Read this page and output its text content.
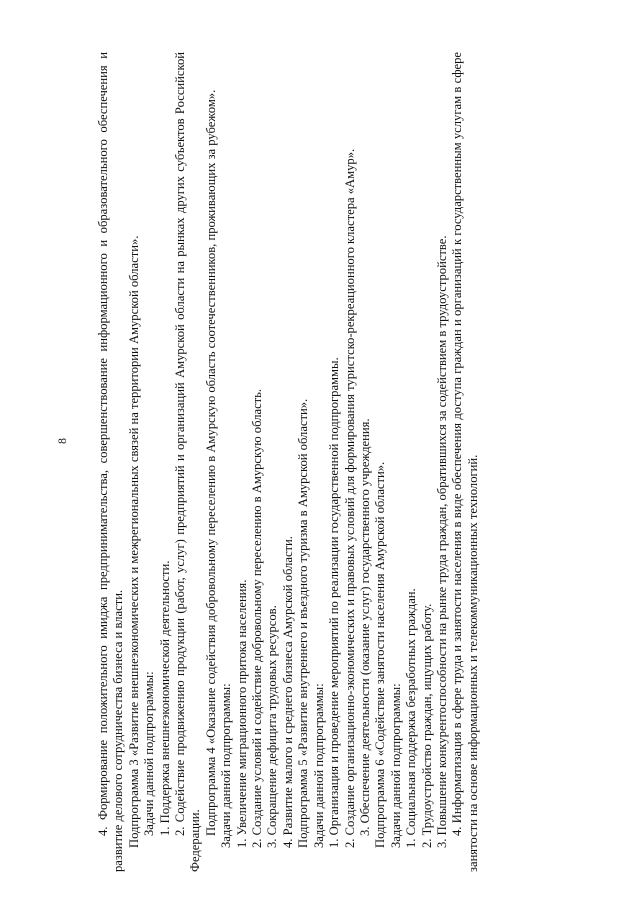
8 4. Формирование положительного имиджа предпринимательства, совершенствование информационного и образовательного обеспечения и развитие делового сотрудничества бизнеса и власти. Подпрограмма 3 «Развитие внешнеэкономических и межрегиональных связей на территории Амурской области». Задачи данной подпрограммы: 1. Поддержка внешнеэкономической деятельности. 2. Содействие продвижению продукции (работ, услуг) предприятий и организаций Амурской области на рынках других субъектов Российской Федерации.

Подпрограмма 4 «Оказание содействия добровольному переселению в Амурскую область соотечественников, проживающих за рубежом». Задачи данной подпрограммы: 1. Увеличение миграционного притока населения. 2. Создание условий и содействие добровольному переселению в Амурскую область. 3. Сокращение дефицита трудовых ресурсов. 4. Развитие малого и среднего бизнеса Амурской области. Подпрограмма 5 «Развитие внутреннего и въездного туризма в Амурской области». Задачи данной подпрограммы: 1. Организация и проведение мероприятий по реализации государственной подпрограммы. 2. Создание организационно-экономических и правовых условий для формирования туристско-рекреационного кластера «Амур». 3. Обеспечение деятельности (оказание услуг) государственного учреждения. Подпрограмма 6 «Содействие занятости населения Амурской области». Задачи данной подпрограммы: 1. Социальная поддержка безработных граждан. 2. Трудоустройство граждан, ищущих работу. 3. Повышение конкурентоспособности на рынке труда граждан, обратившихся за содействием в трудоустройстве. 4. Информатизация в сфере труда и занятости населения в виде обеспечения доступа граждан и организаций к государственным услугам в сфере занятости на основе информационных и телекоммуникационных технологий.
